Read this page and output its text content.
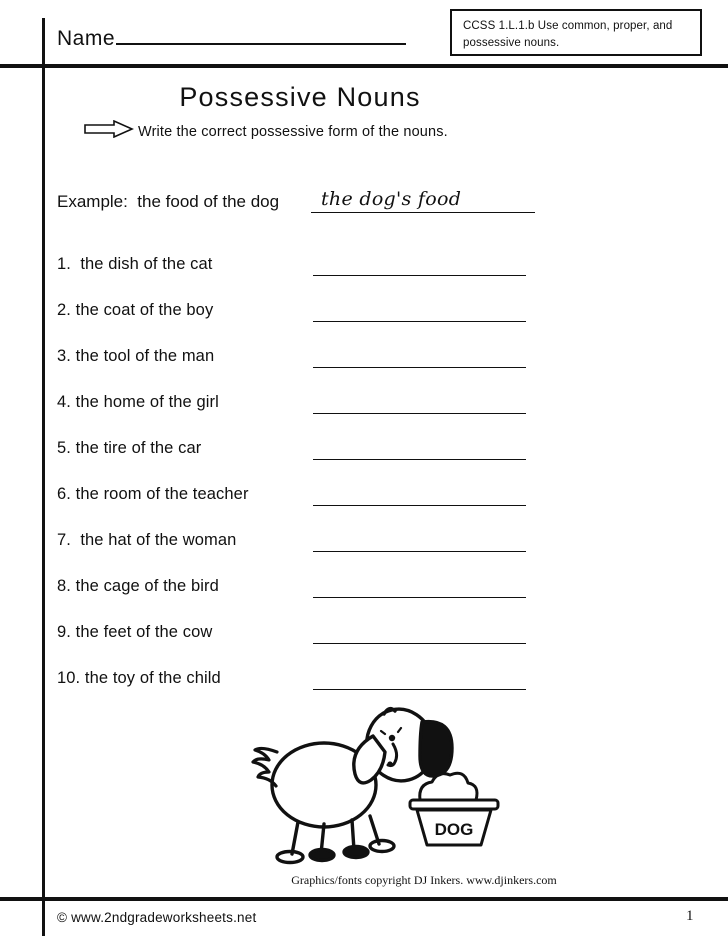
Name
CCSS 1.L.1.b Use common, proper, and possessive nouns.
Possessive Nouns
Write the correct possessive form of the nouns.
Example:  the food of the dog	the dog's food
1.  the dish of the cat
2. the coat of the boy
3. the tool of the man
4. the home of the girl
5. the tire of the car
6. the room of the teacher
7.  the hat of the woman
8. the cage of the bird
9. the feet of the cow
10. the toy of the child
DOG
Graphics/fonts copyright DJ Inkers. www.djinkers.com
© www.2ndgradeworksheets.net	1
